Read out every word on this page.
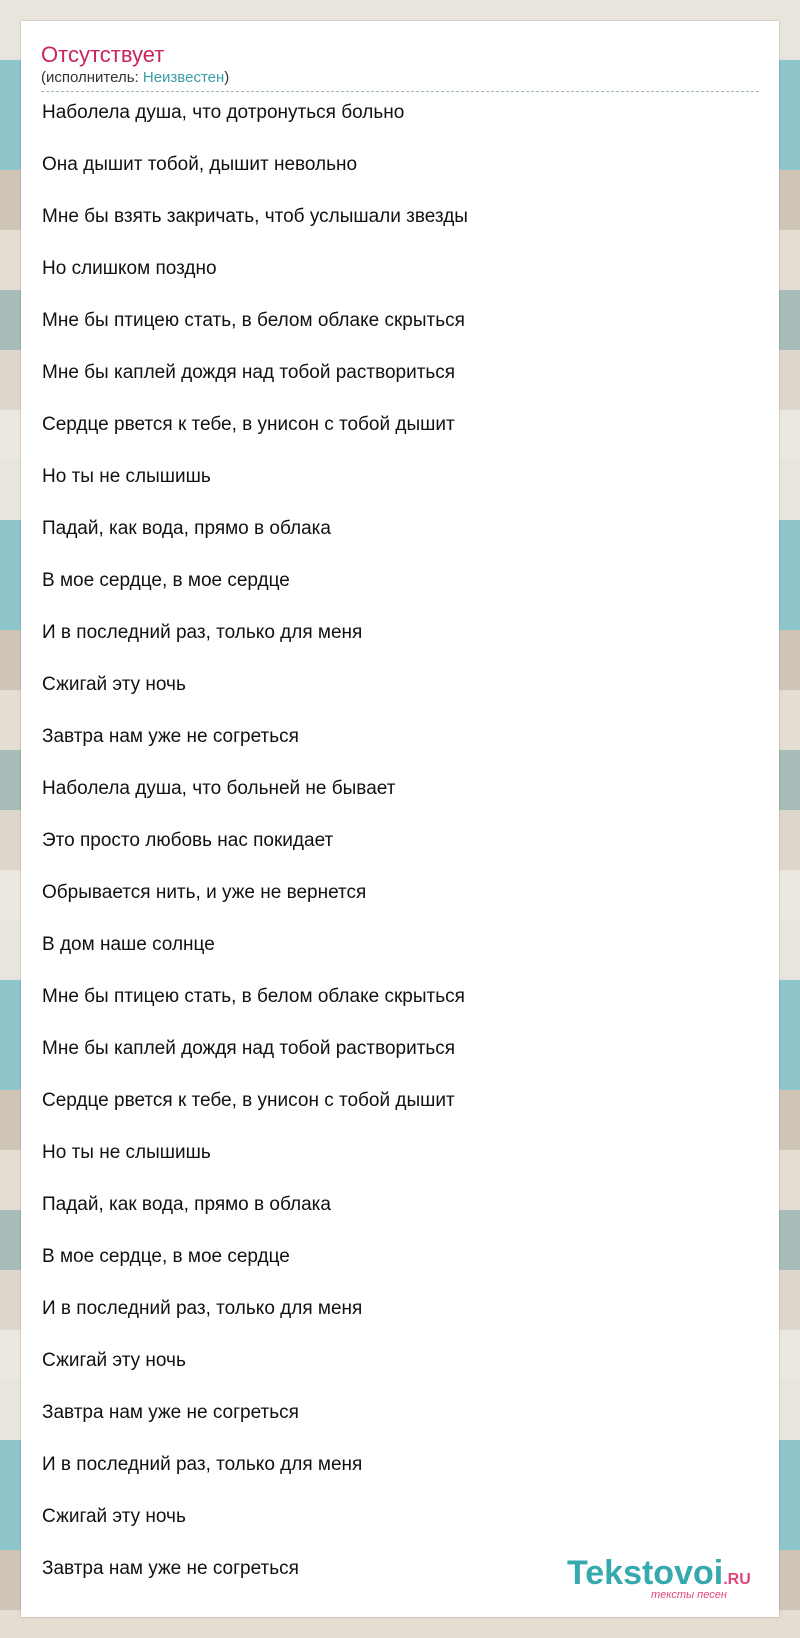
Отсутствует
(исполнитель: Неизвестен)
Наболела душа, что дотронуться больно
Она дышит тобой, дышит невольно
Мне бы взять закричать, чтоб услышали звезды
Но слишком поздно
Мне бы птицею стать, в белом облаке скрыться
Мне бы каплей дождя над тобой раствориться
Сердце рвется к тебе, в унисон с тобой дышит
Но ты не слышишь
Падай, как вода, прямо в облака
В мое сердце, в мое сердце
И в последний раз, только для меня
Сжигай эту ночь
Завтра нам уже не согреться
Наболела душа, что больней не бывает
Это просто любовь нас покидает
Обрывается нить, и уже не вернется
В дом наше солнце
Мне бы птицею стать, в белом облаке скрыться
Мне бы каплей дождя над тобой раствориться
Сердце рвется к тебе, в унисон с тобой дышит
Но ты не слышишь
Падай, как вода, прямо в облака
В мое сердце, в мое сердце
И в последний раз, только для меня
Сжигай эту ночь
Завтра нам уже не согреться
И в последний раз, только для меня
Сжигай эту ночь
Завтра нам уже не согреться	Tekstovoi.RU
тексты песен
